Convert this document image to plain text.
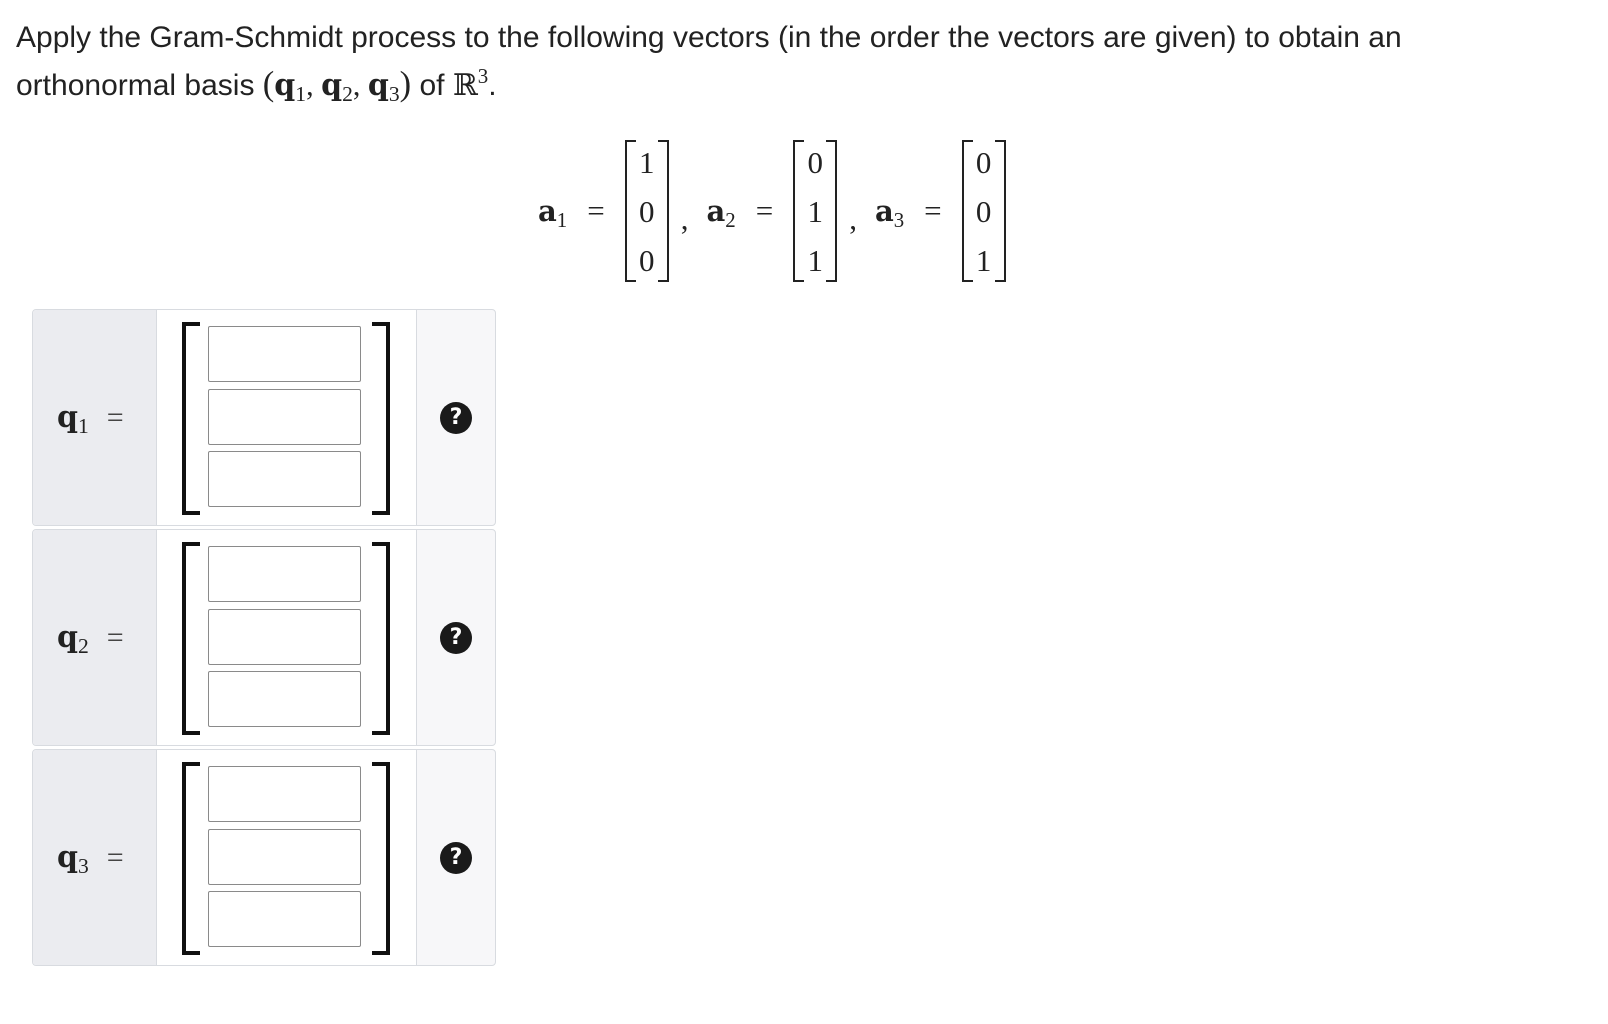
Apply the Gram-Schmidt process to the following vectors (in the order the vectors are given) to obtain an
orthonormal basis ($q_1$, $q_2$, $q_3$) of ℝ$^3$.
$a_1$ =
1
0
0
, $a_2$ =
0
1
1
, $a_3$ =
0
0
1
$q_1$ =	?
$q_2$ =	?
$q_3$ =	?
